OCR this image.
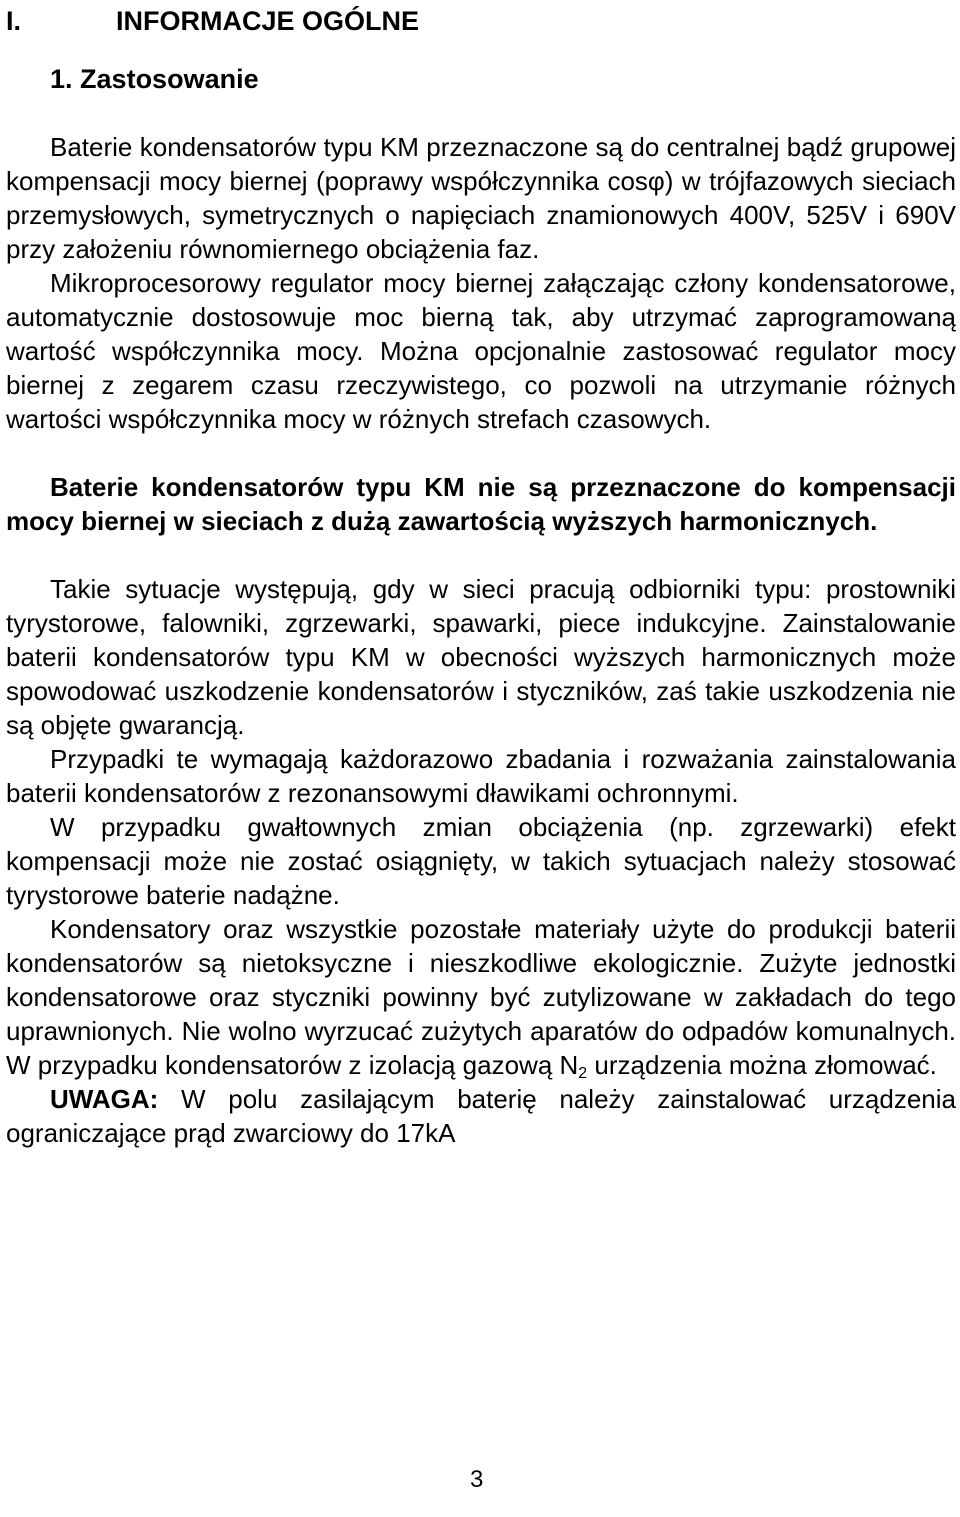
I.	INFORMACJE OGÓLNE
1. Zastosowanie

Baterie kondensatorów typu KM przeznaczone są do centralnej bądź grupowej kompensacji mocy biernej (poprawy współczynnika cosφ) w trójfazowych sieciach przemysłowych, symetrycznych o napięciach znamionowych 400V, 525V i 690V przy założeniu równomiernego obciążenia faz.

Mikroprocesorowy regulator mocy biernej załączając człony kondensatorowe, automatycznie dostosowuje moc bierną tak, aby utrzymać zaprogramowaną wartość współczynnika mocy. Można opcjonalnie zastosować regulator mocy biernej z zegarem czasu rzeczywistego, co pozwoli na utrzymanie różnych wartości współczynnika mocy w różnych strefach czasowych.

Baterie kondensatorów typu KM nie są przeznaczone do kompensacji mocy biernej w sieciach z dużą zawartością wyższych harmonicznych.

Takie sytuacje występują, gdy w sieci pracują odbiorniki typu: prostowniki tyrystorowe, falowniki, zgrzewarki, spawarki, piece indukcyjne. Zainstalowanie baterii kondensatorów typu KM w obecności wyższych harmonicznych może spowodować uszkodzenie kondensatorów i styczników, zaś takie uszkodzenia nie są objęte gwarancją.

Przypadki te wymagają każdorazowo zbadania i rozważania zainstalowania baterii kondensatorów z rezonansowymi dławikami ochronnymi.

W przypadku gwałtownych zmian obciążenia (np. zgrzewarki) efekt kompensacji może nie zostać osiągnięty, w takich sytuacjach należy stosować tyrystorowe baterie nadążne.

Kondensatory oraz wszystkie pozostałe materiały użyte do produkcji baterii kondensatorów są nietoksyczne i nieszkodliwe ekologicznie. Zużyte jednostki kondensatorowe oraz styczniki powinny być zutylizowane w zakładach do tego uprawnionych. Nie wolno wyrzucać zużytych aparatów do odpadów komunalnych. W przypadku kondensatorów z izolacją gazową $N_2$ urządzenia można złomować.

UWAGA: W polu zasilającym baterię należy zainstalować urządzenia ograniczające prąd zwarciowy do 17kA

3
